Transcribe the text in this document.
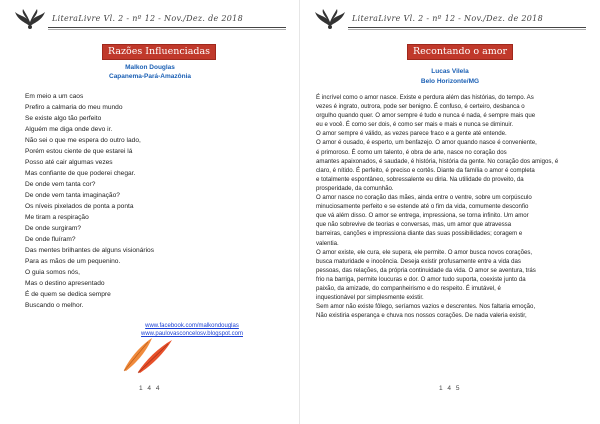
LiteraLivre Vl. 2 - nº 12 - Nov./Dez. de 2018
Razões Influenciadas
Malkon Douglas
Capanema-Pará-Amazônia
Em meio a um caos
Prefiro a calmaria do meu mundo
Se existe algo tão perfeito
Alguém me diga onde devo ir.
Não sei o que me espera do outro lado,
Porém estou ciente de que estarei lá
Posso até cair algumas vezes
Mas confiante de que poderei chegar.
De onde vem tanta cor?
De onde vem tanta imaginação?
Os níveis pixelados de ponta a ponta
Me tiram a respiração
De onde surgiram?
De onde fluíram?
Das mentes brilhantes de alguns visionários
Para as mãos de um pequenino.
O guia somos nós,
Mas o destino apresentado
É de quem se dedica sempre
Buscando o melhor.
www.facebook.com/malkondouglas
www.paulovasconcelosv.blogspot.com
1 4 4
LiteraLivre Vl. 2 - nº 12 - Nov./Dez. de 2018
Recontando o amor
Lucas Vilela
Belo Horizonte/MG

É incrível como o amor nasce. Existe e perdura além das histórias, do tempo. As

vezes é ingrato, outrora, pode ser benigno. É confuso, é certeiro, desbanca o

orgulho quando quer. O amor sempre é tudo e nunca é nada, é sempre mais que

eu e você. É como ser dois, é como ser mais e mais e nunca se diminuir.

O amor sempre é válido, as vezes parece fraco e a gente até entende.

O amor é ousado, é esperto, um benfazejo. O amor quando nasce é conveniente,

é primoroso. É como um talento, é obra de arte, nasce no coração dos

amantes apaixonados, é saudade, é história, história da gente. No coração dos amigos, é

claro, é nítido. É perfeito, é preciso e cortês. Diante da família o amor é completa

e totalmente espontâneo, sobressalente eu diria. Na utilidade do proveito, da

prosperidade, da comunhão.

O amor nasce no coração das mães, ainda entre o ventre, sobre um corpúsculo

minuciosamente perfeito e se estende até o fim da vida, comumente desconfio

que vá além disso. O amor se entrega, impressiona, se torna infinito. Um amor

que não sobrevive de teorias e conversas, mas, um amor que atravessa

barreiras, canções e impressiona diante das suas possibilidades; coragem e

valentia.

O amor existe, ele cura, ele supera, ele permite. O amor busca novos corações,

busca maturidade e inocência. Deseja existir profusamente entre a vida das

pessoas, das relações, da própria continuidade da vida. O amor se aventura, trás

frio na barriga, permite loucuras e dor. O amor tudo suporta, coexiste junto da

paixão, da amizade, do companheirismo e do respeito. É imutável, é

inquestionável por simplesmente existir.

Sem amor não existe fôlego, seríamos vazios e descrentes. Nos faltaria emoção,

Não existiria esperança e chuva nos nossos corações. De nada valeria existir,

1 4 5
